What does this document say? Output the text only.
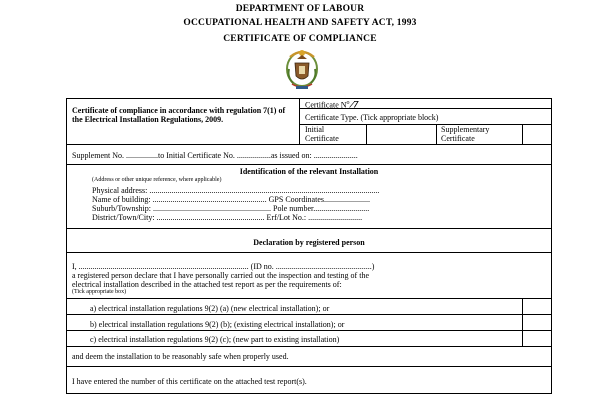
DEPARTMENT OF LABOUR
OCCUPATIONAL HEALTH AND SAFETY ACT, 1993
CERTIFICATE OF COMPLIANCE
Certificate of compliance in accordance with regulation 7(1) of the Electrical Installation Regulations, 2009.
Certificate $N^o$ ⁄7
Certificate Type. (Tick appropriate block)
Initial
Certificate
Supplementary
Certificate
Supplement No. ................to Initial Certificate No. .................as issued on: ......................
Identification of the relevant Installation
(Address or other unique reference, where applicable)
Physical address: ...................................................................................................................
Name of building: ......................................................... GPS Coordinates.......................
Suburb/Township: ........................................................... Pole number............................
District/Town/City: ...................................................... Erf/Lot No.: ...........................
Declaration by registered person
I, ..................................................................................... (ID no. ................................................)
a registered person declare that I have personally carried out the inspection and testing of the
electrical installation described in the attached test report as per the requirements of:
(Tick appropriate box)
a) electrical installation regulations 9(2) (a) (new electrical installation); or
b) electrical installation regulations 9(2) (b); (existing electrical installation); or
c) electrical installation regulations 9(2) (c); (new part to existing installation)
and deem the installation to be reasonably safe when properly used.
I have entered the number of this certificate on the attached test report(s).
